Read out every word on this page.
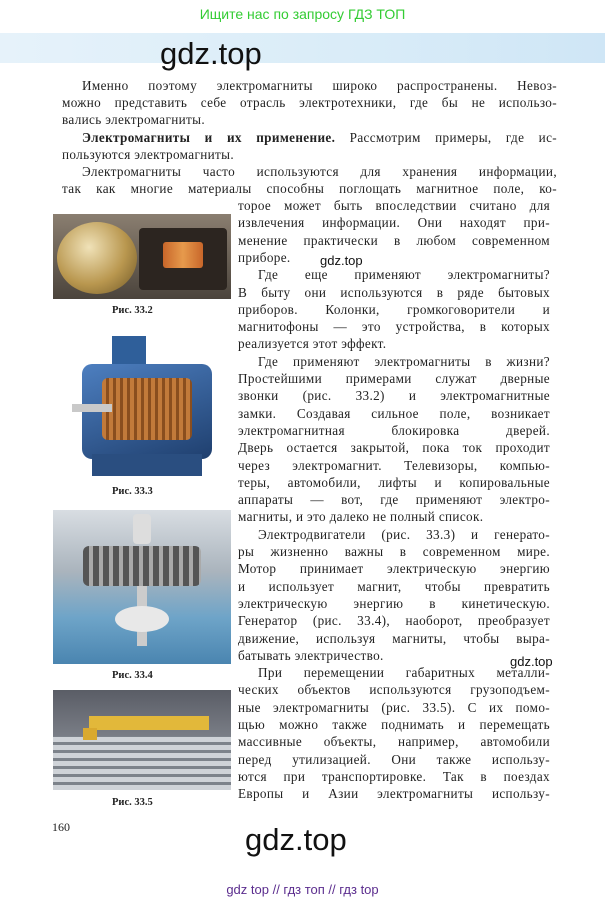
Ищите нас по запросу ГДЗ ТОП
gdz.top
Именно поэтому электромагниты широко распространены. Невоз-
можно представить себе отрасль электротехники, где бы не использо-
вались электромагниты.
Электромагниты и их применение. Рассмотрим примеры, где ис-
пользуются электромагниты.
Электромагниты часто используются для хранения информации,
так как многие материалы способны поглощать магнитное поле, ко-
торое может быть впоследствии считано для
извлечения информации. Они находят при-
менение практически в любом современном
приборе.
Где еще применяют электромагниты?
В быту они используются в ряде бытовых
приборов. Колонки, громкоговорители и
магнитофоны — это устройства, в которых
реализуется этот эффект.
Где применяют электромагниты в жизни?
Простейшими примерами служат дверные
звонки (рис. 33.2) и электромагнитные
замки. Создавая сильное поле, возникает
электромагнитная блокировка дверей.
Дверь остается закрытой, пока ток проходит
через электромагнит. Телевизоры, компью-
теры, автомобили, лифты и копировальные
аппараты — вот, где применяют электро-
магниты, и это далеко не полный список.
Электродвигатели (рис. 33.3) и генерато-
ры жизненно важны в современном мире.
Мотор принимает электрическую энергию
и использует магнит, чтобы превратить
электрическую энергию в кинетическую.
Генератор (рис. 33.4), наоборот, преобразует
движение, используя магниты, чтобы выра-
батывать электричество.
При перемещении габаритных металли-
ческих объектов используются грузоподъем-
ные электромагниты (рис. 33.5). С их помо-
щью можно также поднимать и перемещать
массивные объекты, например, автомобили
перед утилизацией. Они также использу-
ются при транспортировке. Так в поездах
Европы и Азии электромагниты использу-
gdz.top
gdz.top
Рис. 33.2
Рис. 33.3
Рис. 33.4
Рис. 33.5
160	gdz.top
gdz top // гдз топ // гдз top
